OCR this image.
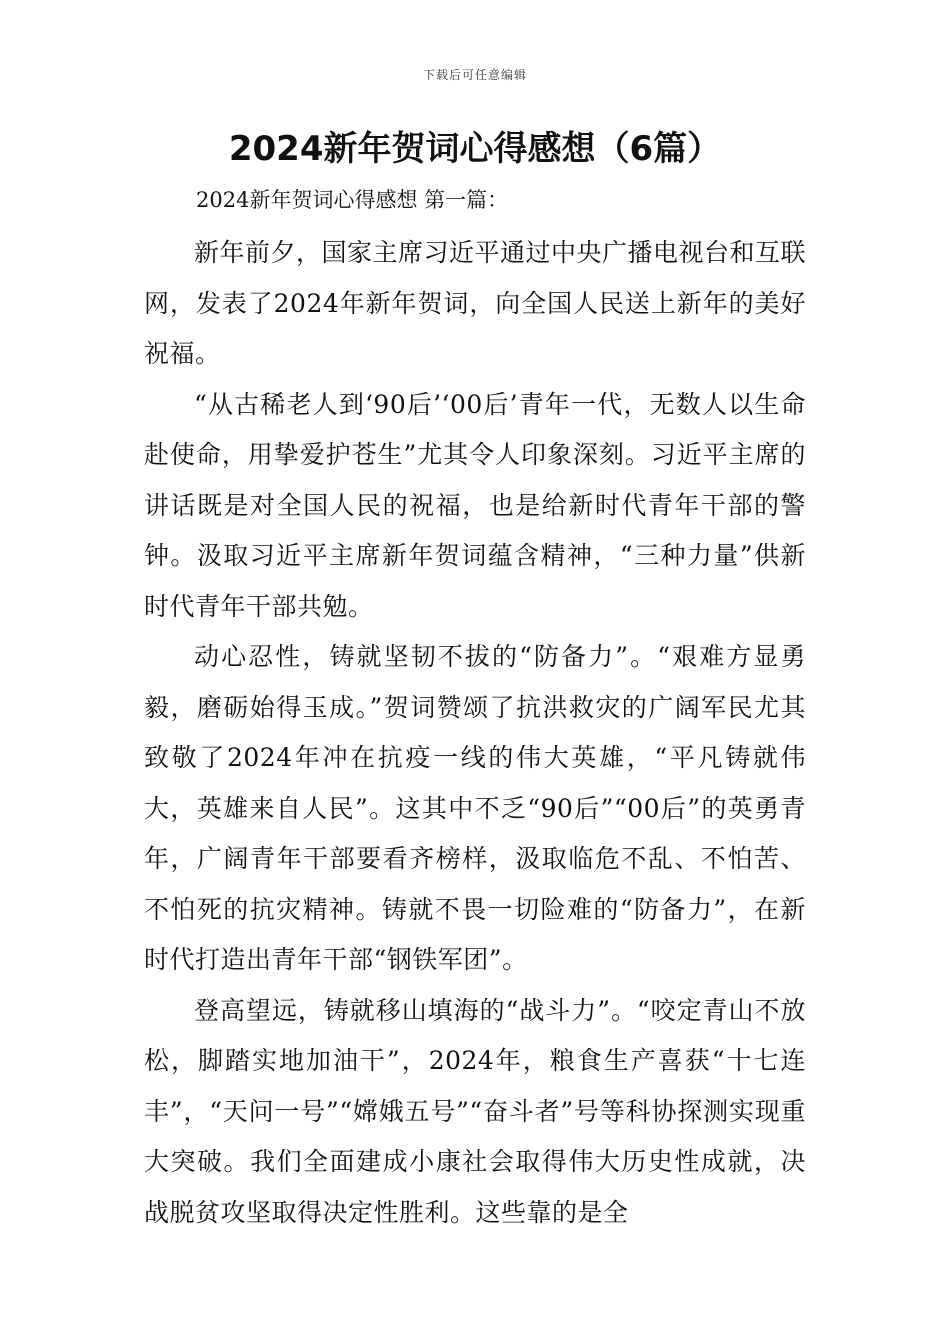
下载后可任意编辑
2024新年贺词心得感想（6篇）
2024新年贺词心得感想 第一篇：

新年前夕，国家主席习近平通过中央广播电视台和互联网，发表了2024年新年贺词，向全国人民送上新年的美好祝福。

“从古稀老人到‘90后’‘00后’青年一代，无数人以生命赴使命，用挚爱护苍生”尤其令人印象深刻。习近平主席的讲话既是对全国人民的祝福，也是给新时代青年干部的警钟。汲取习近平主席新年贺词蕴含精神，“三种力量”供新时代青年干部共勉。

动心忍性，铸就坚韧不拔的“防备力”。“艰难方显勇毅，磨砺始得玉成。”贺词赞颂了抗洪救灾的广阔军民尤其致敬了2024年冲在抗疫一线的伟大英雄，“平凡铸就伟大，英雄来自人民”。这其中不乏“90后”“00后”的英勇青年，广阔青年干部要看齐榜样，汲取临危不乱、不怕苦、不怕死的抗灾精神。铸就不畏一切险难的“防备力”，在新时代打造出青年干部“钢铁军团”。

登高望远，铸就移山填海的“战斗力”。“咬定青山不放松，脚踏实地加油干”，2024年，粮食生产喜获“十七连丰”，“天问一号”“嫦娥五号”“奋斗者”号等科协探测实现重大突破。我们全面建成小康社会取得伟大历史性成就，决战脱贫攻坚取得决定性胜利。这些靠的是全
